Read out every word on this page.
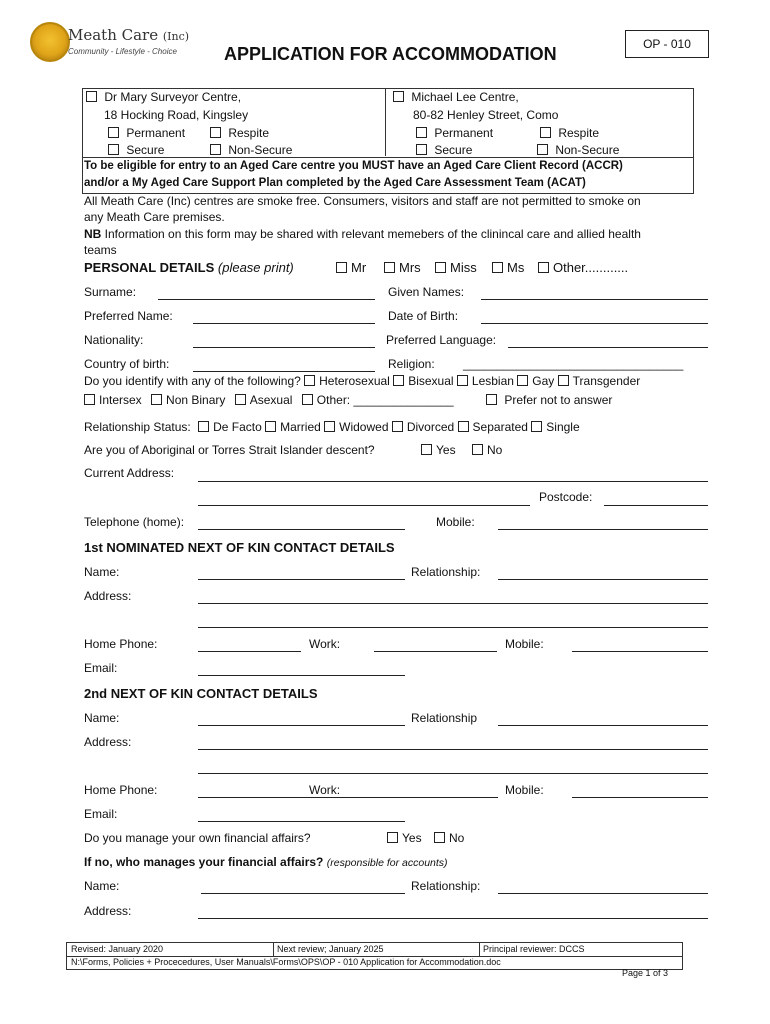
Meath Care (Inc)
Community - Lifestyle - Choice
OP - 010
APPLICATION FOR ACCOMMODATION
Dr Mary Surveyor Centre,
18 Hocking Road, Kingsley
Permanent	Respite
Secure	Non-Secure
Michael Lee Centre,
80-82 Henley Street, Como
Permanent	Respite
Secure	Non-Secure
To be eligible for entry to an Aged Care centre you MUST have an Aged Care Client Record (ACCR)
and/or a My Aged Care Support Plan completed by the Aged Care Assessment Team (ACAT)
All Meath Care (Inc) centres are smoke free. Consumers, visitors and staff are not permitted to smoke on
any Meath Care premises.
NB Information on this form may be shared with relevant memebers of the clinincal care and allied health
teams
PERSONAL DETAILS (please print)	Mr	Mrs	Miss	Ms	Other............
Surname:	Given Names:
Preferred Name:	Date of Birth:
Nationality:	Preferred Language:
Country of birth:	Religion: _________________________________
Do you identify with any of the following? Heterosexual Bisexual Lesbian Gay Transgender
Intersex Non Binary Asexual Other: _______________	Prefer not to answer
Relationship Status: De Facto Married Widowed Divorced Separated Single
Are you of Aboriginal or Torres Strait Islander descent?	Yes	No
Current Address:
Postcode:
Telephone (home):	Mobile:
1st NOMINATED NEXT OF KIN CONTACT DETAILS
Name:	Relationship:
Address:
Home Phone:	Work:	Mobile:
Email:
2nd NEXT OF KIN CONTACT DETAILS
Name:	Relationship
Address:
Home Phone:	Work:	Mobile:
Email:
Do you manage your own financial affairs?	Yes	No
If no, who manages your financial affairs? (responsible for accounts)
Name:	Relationship:
Address:
Revised: January 2020	Next review; January 2025	Principal reviewer: DCCS
N:\Forms, Policies + Procecedures, User Manuals\Forms\OPS\OP - 010 Application for Accommodation.doc
Page 1 of 3
